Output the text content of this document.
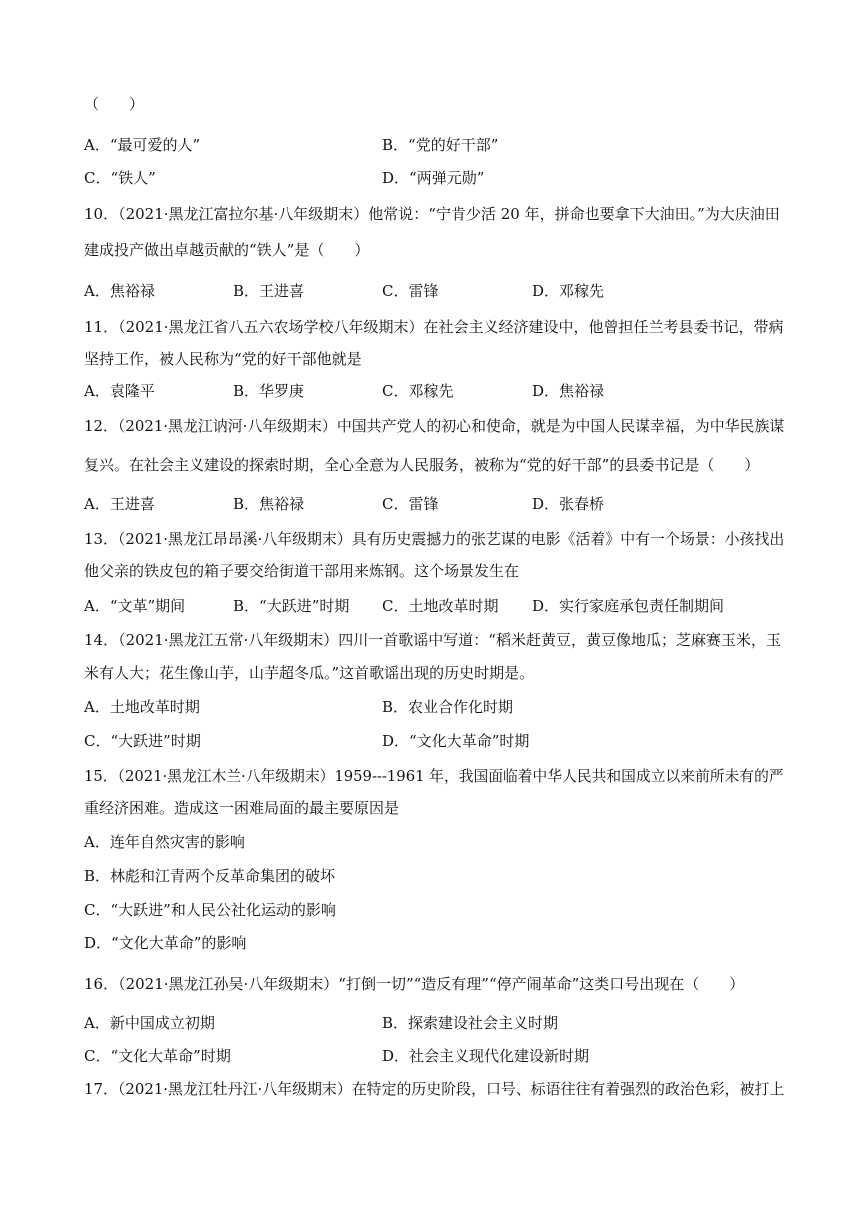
（　　）
A．“最可爱的人”	B．“党的好干部”
C．“铁人”	D．“两弹元勋”
10．（2021·黑龙江富拉尔基·八年级期末）他常说：“宁肯少活 20 年，拼命也要拿下大油田。”为大庆油田
建成投产做出卓越贡献的“铁人”是（　　）
A．焦裕禄	B．王进喜	C．雷锋	D．邓稼先
11．（2021·黑龙江省八五六农场学校八年级期末）在社会主义经济建设中，他曾担任兰考县委书记，带病
坚持工作，被人民称为“党的好干部他就是
A．袁隆平	B．华罗庚	C．邓稼先	D．焦裕禄
12．（2021·黑龙江讷河·八年级期末）中国共产党人的初心和使命，就是为中国人民谋幸福，为中华民族谋
复兴。在社会主义建设的探索时期，全心全意为人民服务，被称为“党的好干部”的县委书记是（　　）
A．王进喜	B．焦裕禄	C．雷锋	D．张春桥
13．（2021·黑龙江昂昂溪·八年级期末）具有历史震撼力的张艺谋的电影《活着》中有一个场景：小孩找出
他父亲的铁皮包的箱子要交给街道干部用来炼钢。这个场景发生在
A．“文革”期间	B．“大跃进”时期 C．土地改革时期 D．实行家庭承包责任制期间
14．（2021·黑龙江五常·八年级期末）四川一首歌谣中写道：“稻米赶黄豆，黄豆像地瓜；芝麻赛玉米，玉
米有人大；花生像山芋，山芋超冬瓜。”这首歌谣出现的历史时期是。
A．土地改革时期	B．农业合作化时期
C．“大跃进”时期	D．“文化大革命”时期
15．（2021·黑龙江木兰·八年级期末）1959---1961 年，我国面临着中华人民共和国成立以来前所未有的严
重经济困难。造成这一困难局面的最主要原因是
A．连年自然灾害的影响
B．林彪和江青两个反革命集团的破坏
C．“大跃进”和人民公社化运动的影响
D．“文化大革命”的影响
16．（2021·黑龙江孙吴·八年级期末）“打倒一切”“造反有理”“停产闹革命”这类口号出现在（　　）
A．新中国成立初期	B．探索建设社会主义时期
C．“文化大革命”时期	D．社会主义现代化建设新时期
17．（2021·黑龙江牡丹江·八年级期末）在特定的历史阶段，口号、标语往往有着强烈的政治色彩，被打上
